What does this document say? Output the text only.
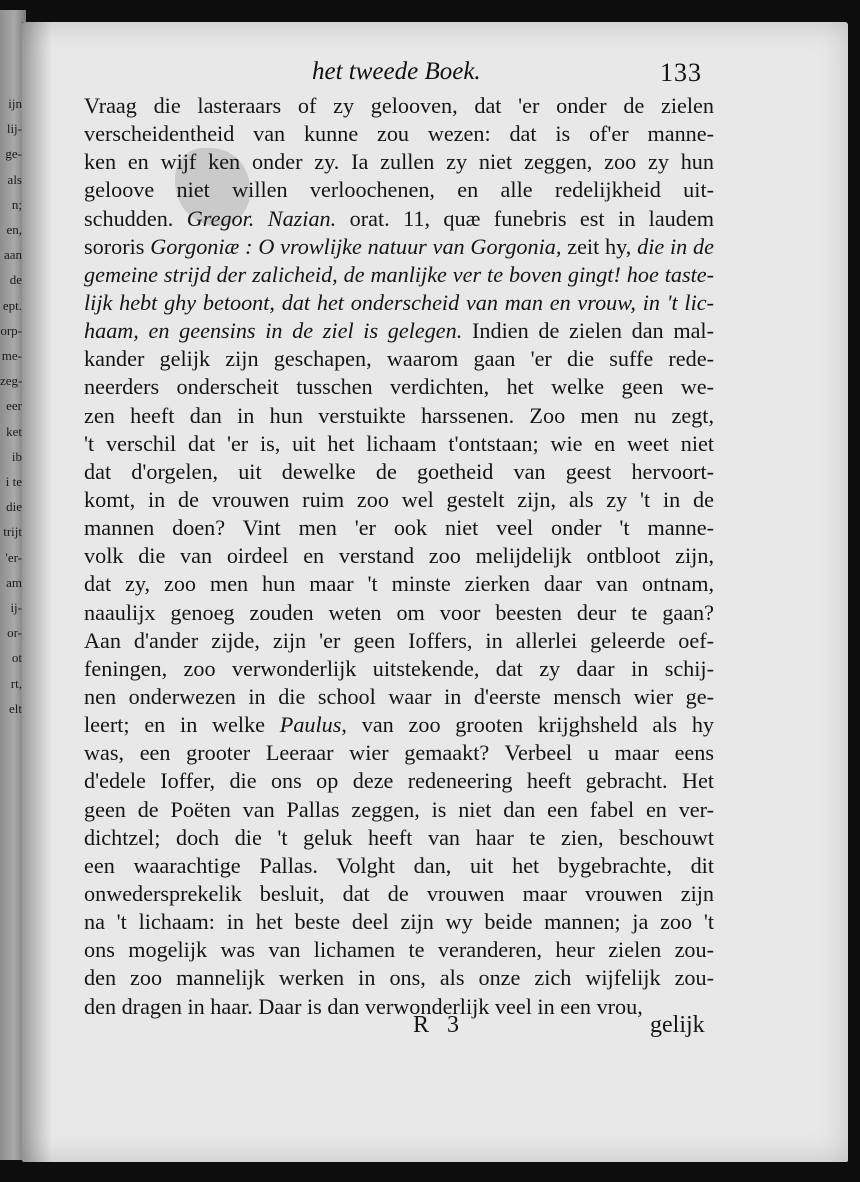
ijn
lij-
ge-
als
n;
en,
aan
de
ept.
orp-
me-
zeg-
eer
ket
ib
i te
die
trijt
'er-
am
ij-
or-
ot
rt,
elt
het tweede Boek.	133
Vraag die lasteraars of zy gelooven, dat 'er onder de zielen
verscheidentheid van kunne zou wezen: dat is of'er manne-
ken en wijf ken onder zy. Ia zullen zy niet zeggen, zoo zy hun
geloove niet willen verloochenen, en alle redelijkheid uit-
schudden. Gregor. Nazian. orat. 11, quæ funebris est in laudem
sororis Gorgoniæ : O vrowlijke natuur van Gorgonia, zeit hy, die in de
gemeine strijd der zalicheid, de manlijke ver te boven gingt! hoe taste-
lijk hebt ghy betoont, dat het onderscheid van man en vrouw, in 't lic-
haam, en geensins in de ziel is gelegen. Indien de zielen dan mal-
kander gelijk zijn geschapen, waarom gaan 'er die suffe rede-
neerders onderscheit tusschen verdichten, het welke geen we-
zen heeft dan in hun verstuikte harssenen. Zoo men nu zegt,
't verschil dat 'er is, uit het lichaam t'ontstaan; wie en weet niet
dat d'orgelen, uit dewelke de goetheid van geest hervoort-
komt, in de vrouwen ruim zoo wel gestelt zijn, als zy 't in de
mannen doen? Vint men 'er ook niet veel onder 't manne-
volk die van oirdeel en verstand zoo melijdelijk ontbloot zijn,
dat zy, zoo men hun maar 't minste zierken daar van ontnam,
naaulijx genoeg zouden weten om voor beesten deur te gaan?
Aan d'ander zijde, zijn 'er geen Ioffers, in allerlei geleerde oef-
feningen, zoo verwonderlijk uitstekende, dat zy daar in schij-
nen onderwezen in die school waar in d'eerste mensch wier ge-
leert; en in welke Paulus, van zoo grooten krijghsheld als hy
was, een grooter Leeraar wier gemaakt? Verbeel u maar eens
d'edele Ioffer, die ons op deze redeneering heeft gebracht. Het
geen de Poëten van Pallas zeggen, is niet dan een fabel en ver-
dichtzel; doch die 't geluk heeft van haar te zien, beschouwt
een waarachtige Pallas. Volght dan, uit het bygebrachte, dit
onwedersprekelik besluit, dat de vrouwen maar vrouwen zijn
na 't lichaam: in het beste deel zijn wy beide mannen; ja zoo 't
ons mogelijk was van lichamen te veranderen, heur zielen zou-
den zoo mannelijk werken in ons, als onze zich wijfelijk zou-
den dragen in haar. Daar is dan verwonderlijk veel in een vrou,
R 3	gelijk
